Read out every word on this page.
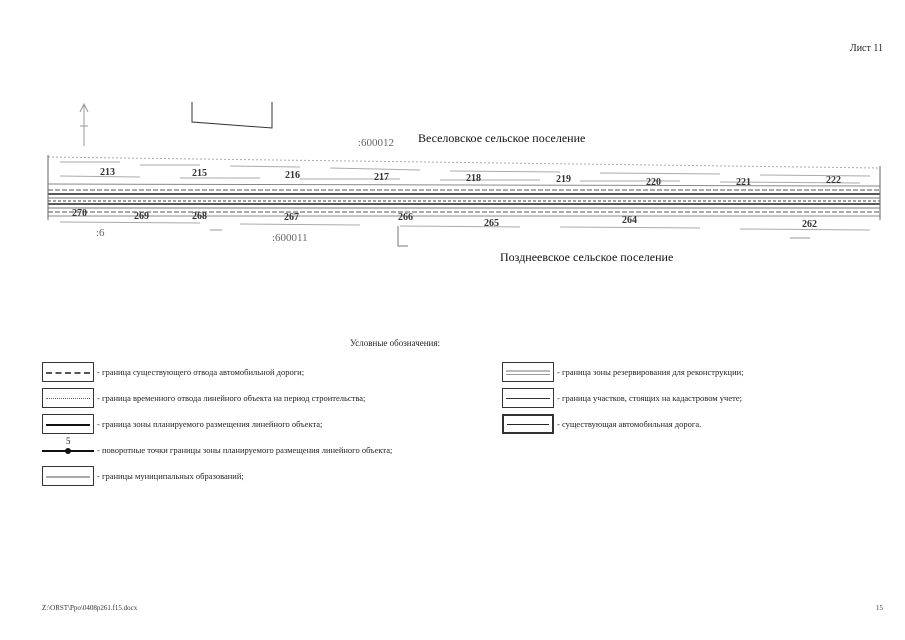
Лист 11
Веселовское сельское поселение
Позднеевское сельское поселение
:600012
:600011
:6
213	215	216	217	218	219	220	221	222
270	269	268	267	266
265	264	262
Условные обозначения:
- граница существующего отвода автомобильной дороги;
- граница временного отвода линейного объекта на период строительства;
- граница зоны планируемого размещения линейного объекта;
5
- поворотные точки границы зоны планируемого размещения линейного объекта;
- границы муниципальных образований;
- граница зоны резервирования для реконструкции;
- граница участков, стоящих на кадастровом учете;
- существующая автомобильная дорога.
Z:\ORST\Ppo\0408p261.f15.docx	15
